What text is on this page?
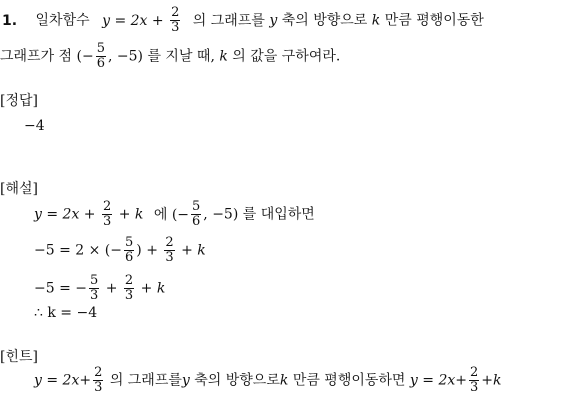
1. 일차함수 $y = 2x + \frac{2}{3}$ 의 그래프를 y 축의 방향으로 k 만큼 평행이동한
그래프가 점 (− $\frac{5}{6}$ , −5) 를 지날 때, k 의 값을 구하여라.
[정답]
−4
[해설]
$y = 2x + \frac{2}{3} + k$ 에 (− $\frac{5}{6}$ , −5) 를 대입하면
−5 = 2 × (− $\frac{5}{6}$ ) + $\frac{2}{3} + k$
−5 = − $\frac{5}{3} + \frac{2}{3} + k$
∴ k = −4
[힌트]
$y = 2x+ \frac{2}{3}$ 의 그래프를y 축의 방향으로k 만큼 평행이동하면 $y = 2x+ \frac{2}{3} +k$
